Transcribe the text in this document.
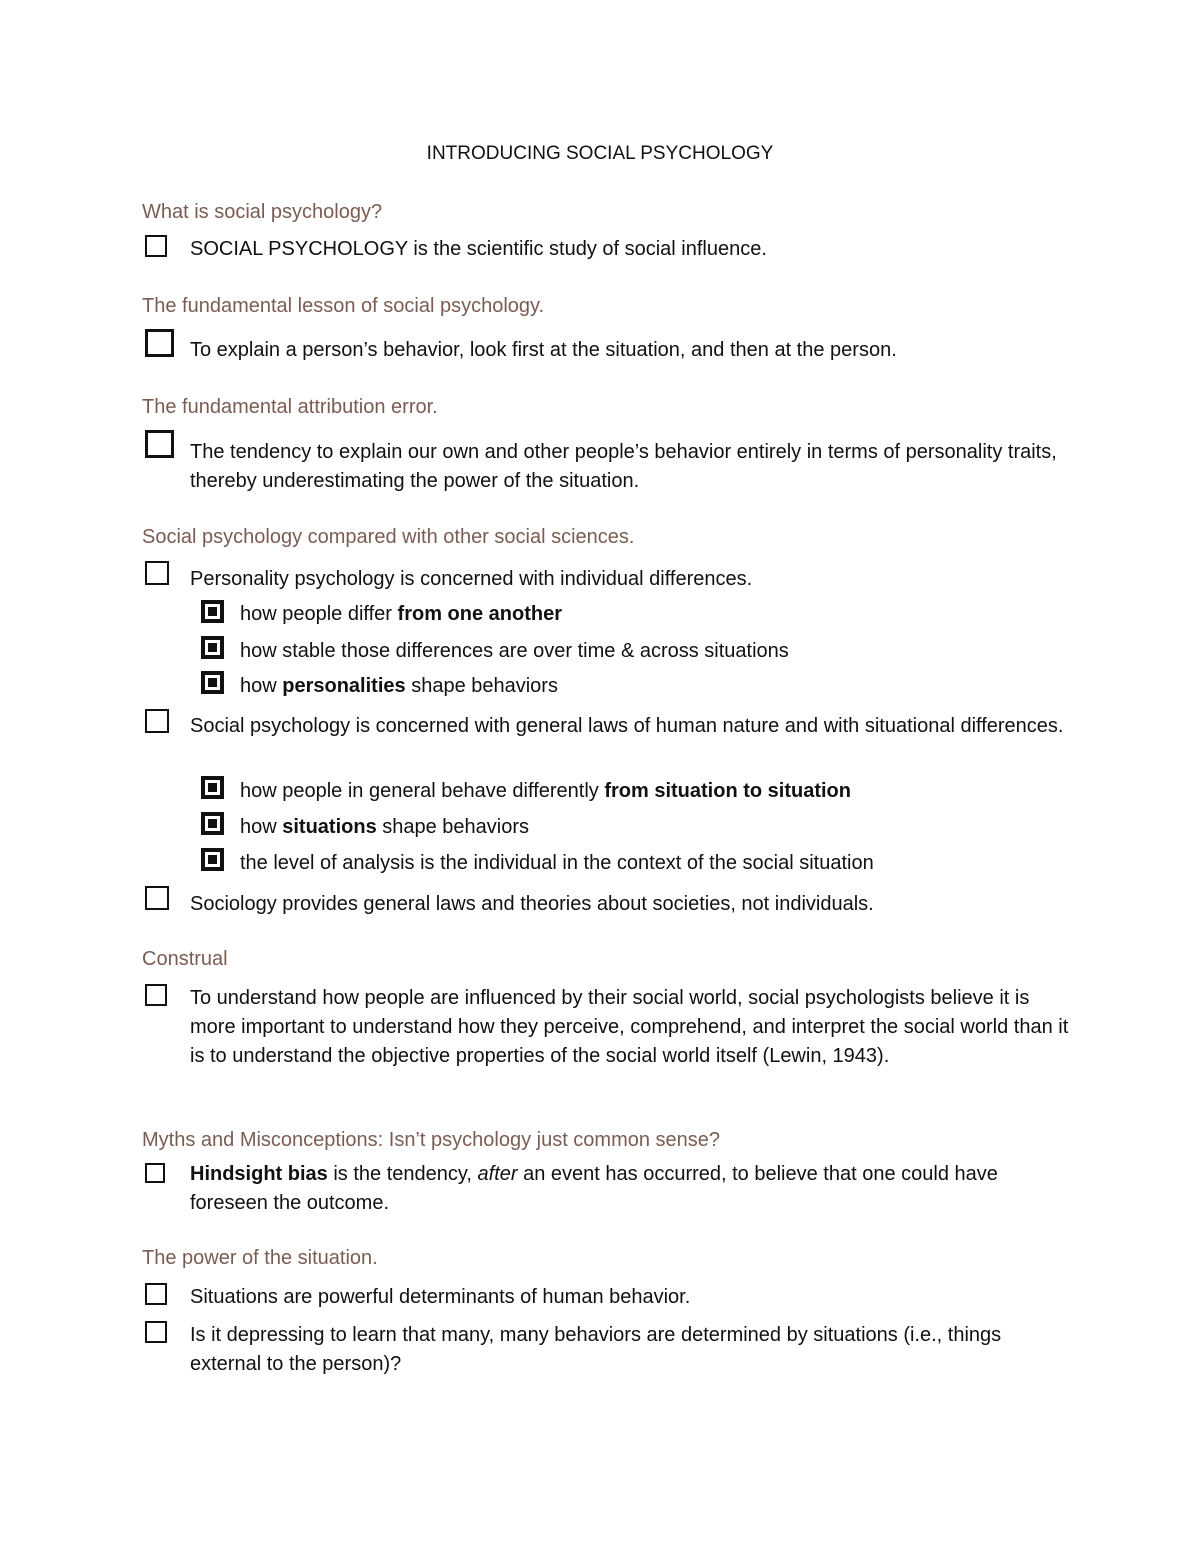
INTRODUCING SOCIAL PSYCHOLOGY
What is social psychology?
SOCIAL PSYCHOLOGY is the scientific study of social influence.
The fundamental lesson of social psychology.
To explain a person’s behavior, look first at the situation, and then at the person.
The fundamental attribution error.
The tendency to explain our own and other people’s behavior entirely in terms of personality traits, thereby underestimating the power of the situation.
Social psychology compared with other social sciences.
Personality psychology is concerned with individual differences.
how people differ from one another
how stable those differences are over time & across situations
how personalities shape behaviors
Social psychology is concerned with general laws of human nature and with situational differences.
how people in general behave differently from situation to situation
how situations shape behaviors
the level of analysis is the individual in the context of the social situation
Sociology provides general laws and theories about societies, not individuals.
Construal
To understand how people are influenced by their social world, social psychologists believe it is more important to understand how they perceive, comprehend, and interpret the social world than it is to understand the objective properties of the social world itself (Lewin, 1943).
Myths and Misconceptions: Isn’t psychology just common sense?
Hindsight bias is the tendency, after an event has occurred, to believe that one could have foreseen the outcome.
The power of the situation.
Situations are powerful determinants of human behavior.
Is it depressing to learn that many, many behaviors are determined by situations (i.e., things external to the person)?
